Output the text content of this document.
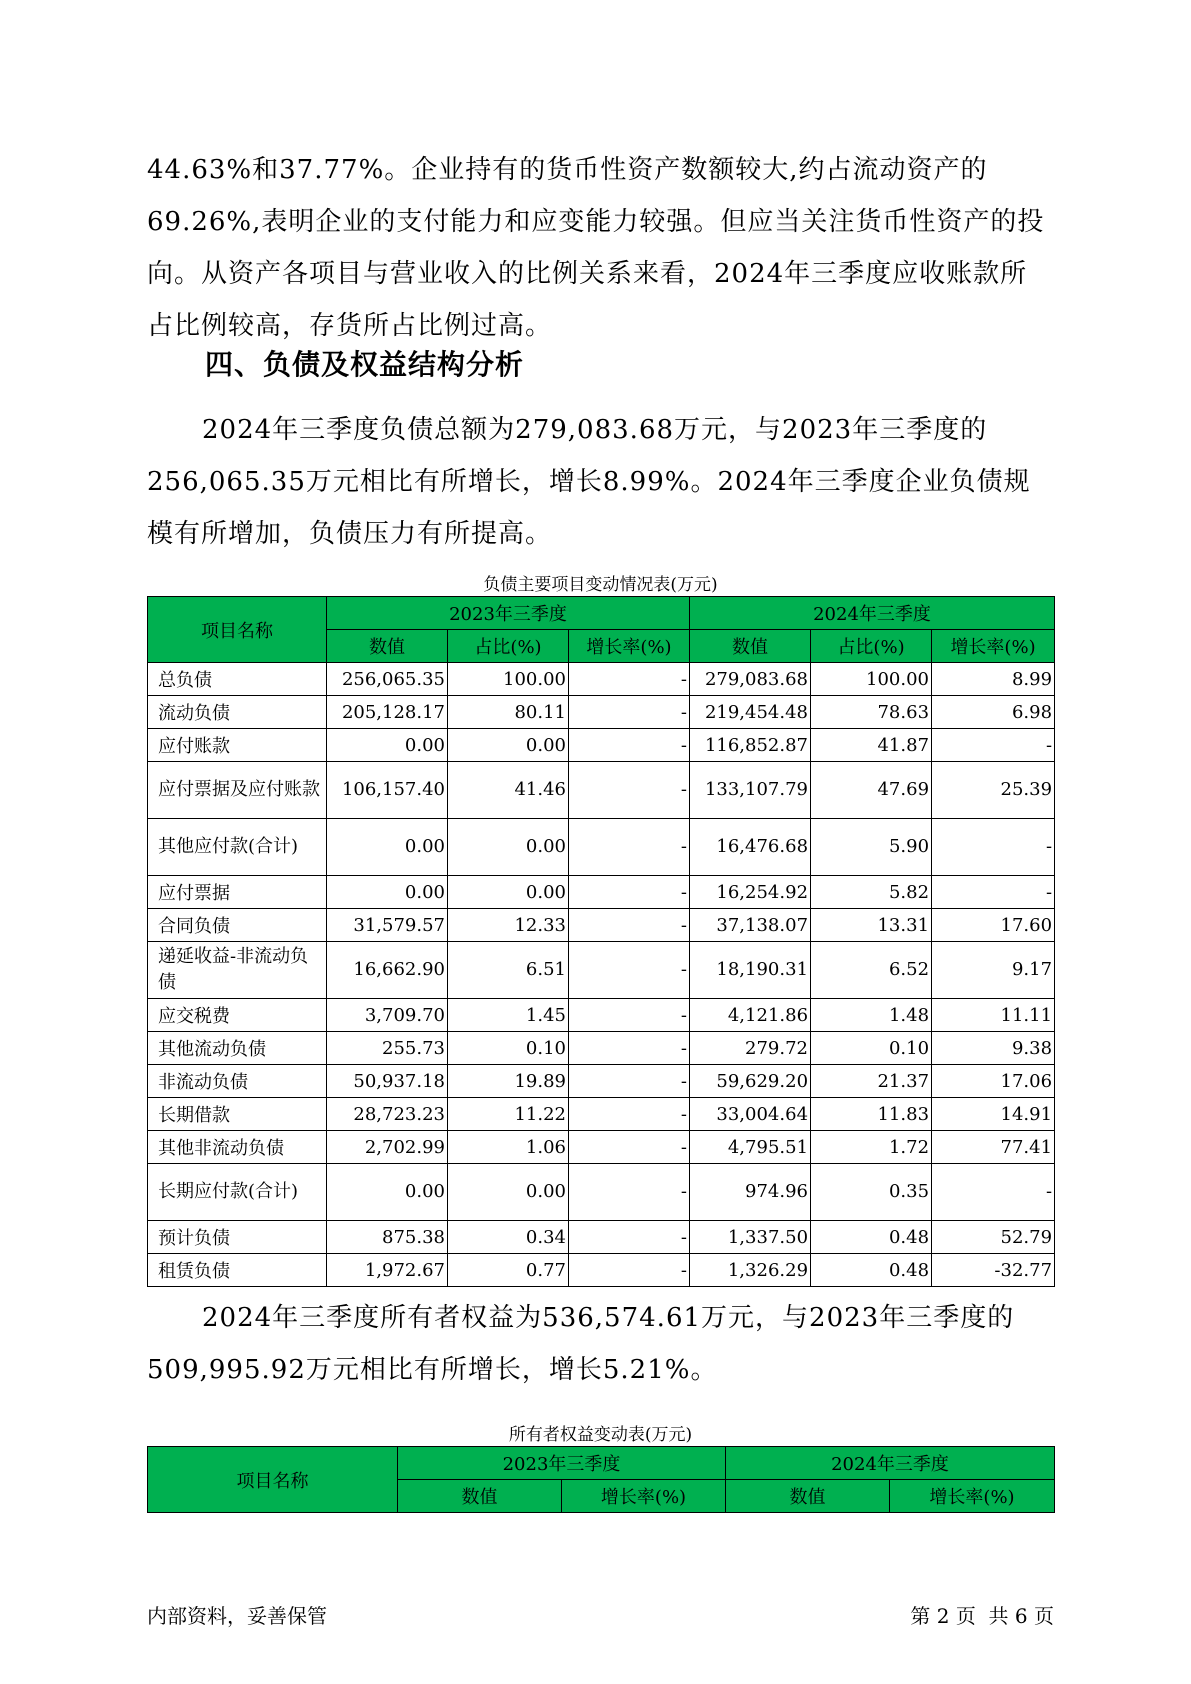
44.63%和37.77%。企业持有的货币性资产数额较大,约占流动资产的69.26%,表明企业的支付能力和应变能力较强。但应当关注货币性资产的投向。从资产各项目与营业收入的比例关系来看，2024年三季度应收账款所占比例较高，存货所占比例过高。

四、负债及权益结构分析

2024年三季度负债总额为279,083.68万元，与2023年三季度的256,065.35万元相比有所增长，增长8.99%。2024年三季度企业负债规模有所增加，负债压力有所提高。

负债主要项目变动情况表(万元)

项目名称	2023年三季度			2024年三季度		
	数值	占比(%)	增长率(%)	数值	占比(%)	增长率(%)
总负债	256,065.35	100.00	-	279,083.68	100.00	8.99
流动负债	205,128.17	80.11	-	219,454.48	78.63	6.98
应付账款	0.00	0.00	-	116,852.87	41.87	-
应付票据及应付账款	106,157.40	41.46	-	133,107.79	47.69	25.39
其他应付款(合计)	0.00	0.00	-	16,476.68	5.90	-
应付票据	0.00	0.00	-	16,254.92	5.82	-
合同负债	31,579.57	12.33	-	37,138.07	13.31	17.60
递延收益-非流动负债	16,662.90	6.51	-	18,190.31	6.52	9.17
应交税费	3,709.70	1.45	-	4,121.86	1.48	11.11
其他流动负债	255.73	0.10	-	279.72	0.10	9.38
非流动负债	50,937.18	19.89	-	59,629.20	21.37	17.06
长期借款	28,723.23	11.22	-	33,004.64	11.83	14.91
其他非流动负债	2,702.99	1.06	-	4,795.51	1.72	77.41
长期应付款(合计)	0.00	0.00	-	974.96	0.35	-
预计负债	875.38	0.34	-	1,337.50	0.48	52.79
租赁负债	1,972.67	0.77	-	1,326.29	0.48	-32.77

2024年三季度所有者权益为536,574.61万元，与2023年三季度的509,995.92万元相比有所增长，增长5.21%。

所有者权益变动表(万元)

项目名称	2023年三季度		2024年三季度	
	数值	增长率(%)	数值	增长率(%)

内部资料，妥善保管	第 2 页  共 6 页
